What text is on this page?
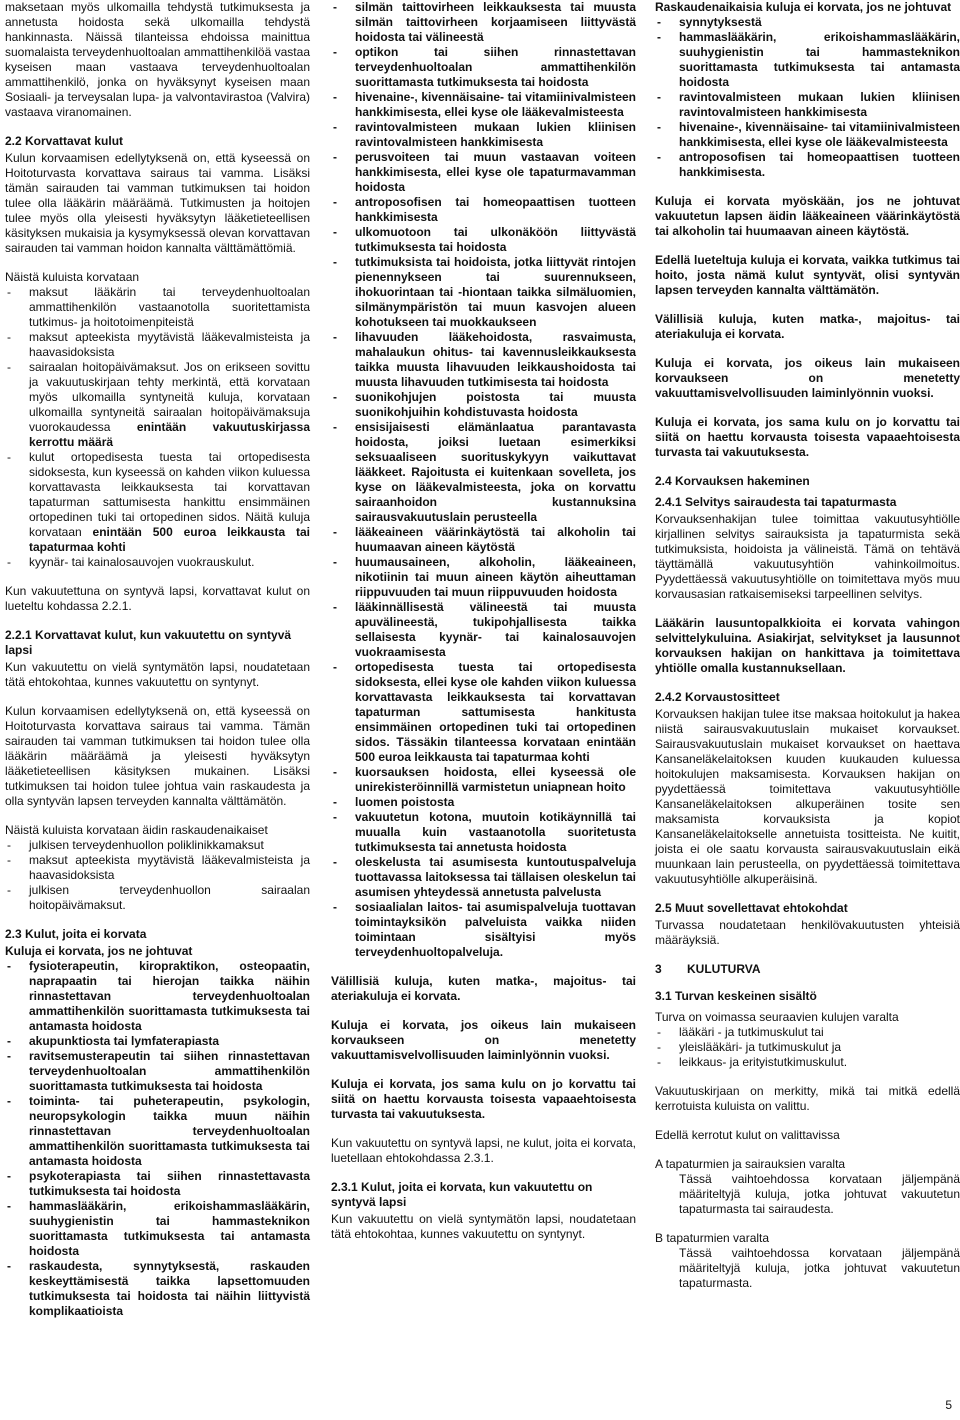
maksetaan myös ulkomailla tehdystä tutkimuksesta ja annetusta hoidosta sekä ulkomailla tehdystä hankinnasta. Näissä tilanteissa ehdoissa mainittua suomalaista terveydenhuoltoalan ammattihenkilöä vastaa kyseisen maan vastaava terveydenhuoltoalan ammattihenkilö, jonka on hyväksynyt kyseisen maan Sosiaali- ja terveysalan lupa- ja valvontavirastoa (Valvira) vastaava viranomainen.

2.2 Korvattavat kulut

Kulun korvaamisen edellytyksenä on, että kyseessä on Hoitoturvasta korvattava sairaus tai vamma. Lisäksi tämän sairauden tai vamman tutkimuksen tai hoidon tulee olla lääkärin määräämä. Tutkimusten ja hoitojen tulee myös olla yleisesti hyväksytyn lääketieteellisen käsityksen mukaisia ja kysymyksessä olevan korvattavan sairauden tai vamman hoidon kannalta välttämättömiä.

Näistä kuluista korvataan

- maksut lääkärin tai terveydenhuoltoalan ammattihenkilön vastaanotolla suoritettamista tutkimus- ja hoitotoimenpiteistä
- maksut apteekista myytävistä lääkevalmisteista ja haavasidoksista
- sairaalan hoitopäivämaksut. Jos on erikseen sovittu ja vakuutuskirjaan tehty merkintä, että korvataan myös ulkomailla syntyneitä kuluja, korvataan ulkomailla syntyneitä sairaalan hoitopäivämaksuja vuorokaudessa enintään vakuutuskirjassa kerrottu määrä
- kulut ortopedisesta tuesta tai ortopedisesta sidoksesta, kun kyseessä on kahden viikon kuluessa korvattavasta leikkauksesta tai korvattavan tapaturman sattumisesta hankittu ensimmäinen ortopedinen tuki tai ortopedinen sidos. Näitä kuluja korvataan enintään 500 euroa leikkausta tai tapaturmaa kohti
- kyynär- tai kainalosauvojen vuokrauskulut.

Kun vakuutettuna on syntyvä lapsi, korvattavat kulut on lueteltu kohdassa 2.2.1.

2.2.1 Korvattavat kulut, kun vakuutettu on syntyvä lapsi

Kun vakuutettu on vielä syntymätön lapsi, noudatetaan tätä ehtokohtaa, kunnes vakuutettu on syntynyt.

Kulun korvaamisen edellytyksenä on, että kyseessä on Hoitoturvasta korvattava sairaus tai vamma. Tämän sairauden tai vamman tutkimuksen tai hoidon tulee olla lääkärin määräämä ja yleisesti hyväksytyn lääketieteellisen käsityksen mukainen. Lisäksi tutkimuksen tai hoidon tulee johtua vain raskaudesta ja olla syntyvän lapsen terveyden kannalta välttämätön.

Näistä kuluista korvataan äidin raskaudenaikaiset

- julkisen terveydenhuollon poliklinikkamaksut
- maksut apteekista myytävistä lääkevalmisteista ja haavasidoksista
- julkisen terveydenhuollon sairaalan hoitopäivämaksut.
2.3 Kulut, joita ei korvata

Kuluja ei korvata, jos ne johtuvat

- fysioterapeutin, kiropraktikon, osteopaatin, naprapaatin tai hierojan taikka näihin rinnastettavan terveydenhuoltoalan ammattihenkilön suorittamasta tutkimuksesta tai antamasta hoidosta
- akupunktiosta tai lymfaterapiasta
- ravitsemusterapeutin tai siihen rinnastettavan terveydenhuoltoalan ammattihenkilön suorittamasta tutkimuksesta tai hoidosta
- toiminta- tai puheterapeutin, psykologin, neuropsykologin taikka muun näihin rinnastettavan terveydenhuoltoalan ammattihenkilön suorittamasta tutkimuksesta tai antamasta hoidosta
- psykoterapiasta tai siihen rinnastettavasta tutkimuksesta tai hoidosta
- hammaslääkärin, erikoishammaslääkärin, suuhygienistin tai hammasteknikon suorittamasta tutkimuksesta tai antamasta hoidosta
- raskaudesta, synnytyksestä, raskauden keskeyttämisestä taikka lapsettomuuden tutkimuksesta tai hoidosta tai näihin liittyvistä komplikaatioista
- silmän taittovirheen leikkauksesta tai muusta silmän taittovirheen korjaamiseen liittyvästä hoidosta tai välineestä
- optikon tai siihen rinnastettavan terveydenhuoltoalan ammattihenkilön suorittamasta tutkimuksesta tai hoidosta
- hivenaine-, kivennäisaine- tai vitamiinivalmisteen hankkimisesta, ellei kyse ole lääkevalmisteesta
- ravintovalmisteen mukaan lukien kliinisen ravintovalmisteen hankkimisesta
- perusvoiteen tai muun vastaavan voiteen hankkimisesta, ellei kyse ole tapaturmavamman hoidosta
- antroposofisen tai homeopaattisen tuotteen hankkimisesta
- ulkomuotoon tai ulkonäköön liittyvästä tutkimuksesta tai hoidosta
- tutkimuksista tai hoidoista, jotka liittyvät rintojen pienennykseen tai suurennukseen, ihokuorintaan tai -hiontaan taikka silmäluomien, silmänympäristön tai muun kasvojen alueen kohotukseen tai muokkaukseen
- lihavuuden lääkehoidosta, rasvaimusta, mahalaukun ohitus- tai kavennusleikkauksesta taikka muusta lihavuuden leikkaushoidosta tai muusta lihavuuden tutkimisesta tai hoidosta
- suonikohjujen poistosta tai muusta suonikohjuihin kohdistuvasta hoidosta
- ensisijaisesti elämänlaatua parantavasta hoidosta, joiksi luetaan esimerkiksi seksuaaliseen suorituskykyyn vaikuttavat lääkkeet. Rajoitusta ei kuitenkaan sovelleta, jos kyse on lääkevalmisteesta, joka on korvattu sairaanhoidon kustannuksina sairausvakuutuslain perusteella
- lääkeaineen väärinkäytöstä tai alkoholin tai huumaavan aineen käytöstä
- huumausaineen, alkoholin, lääkeaineen, nikotiinin tai muun aineen käytön aiheuttaman riippuvuuden tai muun riippuvuuden hoidosta
- lääkinnällisestä välineestä tai muusta apuvälineestä, tukipohjallisesta taikka sellaisesta kyynär- tai kainalosauvojen vuokraamisesta
- ortopedisesta tuesta tai ortopedisesta sidoksesta, ellei kyse ole kahden viikon kuluessa korvattavasta leikkauksesta tai korvattavan tapaturman sattumisesta hankitusta ensimmäinen ortopedinen tuki tai ortopedinen sidos. Tässäkin tilanteessa korvataan enintään 500 euroa leikkausta tai tapaturmaa kohti
- kuorsauksen hoidosta, ellei kyseessä ole unirekisteröinnillä varmistetun uniapnean hoito
- luomen poistosta
- vakuutetun kotona, muutoin kotikäynnillä tai muualla kuin vastaanotolla suoritetusta tutkimuksesta tai annetusta hoidosta
- oleskelusta tai asumisesta kuntoutuspalveluja tuottavassa laitoksessa tai tällaisen oleskelun tai asumisen yhteydessä annetusta palvelusta
- sosiaalialan laitos- tai asumispalveluja tuottavan toimintayksikön palveluista vaikka niiden toimintaan sisältyisi myös terveydenhuoltopalveluja.

Välillisiä kuluja, kuten matka-, majoitus- tai ateriakuluja ei korvata.

Kuluja ei korvata, jos oikeus lain mukaiseen korvaukseen on menetetty vakuuttamisvelvollisuuden laiminlyönnin vuoksi.

Kuluja ei korvata, jos sama kulu on jo korvattu tai siitä on haettu korvausta toisesta vapaaehtoisesta turvasta tai vakuutuksesta.

Kun vakuutettu on syntyvä lapsi, ne kulut, joita ei korvata, luetellaan ehtokohdassa 2.3.1.

2.3.1 Kulut, joita ei korvata, kun vakuutettu on syntyvä lapsi

Kun vakuutettu on vielä syntymätön lapsi, noudatetaan tätä ehtokohtaa, kunnes vakuutettu on syntynyt.

Raskaudenaikaisia kuluja ei korvata, jos ne johtuvat

- synnytyksestä
- hammaslääkärin, erikoishammaslääkärin, suuhygienistin tai hammasteknikon suorittamasta tutkimuksesta tai antamasta hoidosta
- ravintovalmisteen mukaan lukien kliinisen ravintovalmisteen hankkimisesta
- hivenaine-, kivennäisaine- tai vitamiinivalmisteen hankkimisesta, ellei kyse ole lääkevalmisteesta
- antroposofisen tai homeopaattisen tuotteen hankkimisesta.

Kuluja ei korvata myöskään, jos ne johtuvat vakuutetun lapsen äidin lääkeaineen väärinkäytöstä tai alkoholin tai huumaavan aineen käytöstä.

Edellä lueteltuja kuluja ei korvata, vaikka tutkimus tai hoito, josta nämä kulut syntyvät, olisi syntyvän lapsen terveyden kannalta välttämätön.

Välillisiä kuluja, kuten matka-, majoitus- tai ateriakuluja ei korvata.

Kuluja ei korvata, jos oikeus lain mukaiseen korvaukseen on menetetty vakuuttamisvelvollisuuden laiminlyönnin vuoksi.

Kuluja ei korvata, jos sama kulu on jo korvattu tai siitä on haettu korvausta toisesta vapaaehtoisesta turvasta tai vakuutuksesta.

2.4 Korvauksen hakeminen
2.4.1 Selvitys sairaudesta tai tapaturmasta

Korvauksenhakijan tulee toimittaa vakuutusyhtiölle kirjallinen selvitys sairauksista ja tapaturmista sekä tutkimuksista, hoidoista ja välineistä. Tämä on tehtävä täyttämällä vakuutusyhtiön vahinkoilmoitus. Pyydettäessä vakuutusyhtiölle on toimitettava myös muu korvausasian ratkaisemiseksi tarpeellinen selvitys.

Lääkärin lausuntopalkkioita ei korvata vahingon selvittelykuluina. Asiakirjat, selvitykset ja lausunnot korvauksen hakijan on hankittava ja toimitettava yhtiölle omalla kustannuksellaan.

2.4.2 Korvaustositteet

Korvauksen hakijan tulee itse maksaa hoitokulut ja hakea niistä sairausvakuutuslain mukaiset korvaukset. Sairausvakuutuslain mukaiset korvaukset on haettava Kansaneläkelaitoksen kuuden kuukauden kuluessa hoitokulujen maksamisesta. Korvauksen hakijan on pyydettäessä toimitettava vakuutusyhtiölle Kansaneläkelaitoksen alkuperäinen tosite sen maksamista korvauksista ja kopiot Kansaneläkelaitokselle annetuista tositteista. Ne kuitit, joista ei ole saatu korvausta sairausvakuutuslain eikä muunkaan lain perusteella, on pyydettäessä toimitettava vakuutusyhtiölle alkuperäisinä.

2.5 Muut sovellettavat ehtokohdat

Turvassa noudatetaan henkilövakuutusten yhteisiä määräyksiä.

3	KULUTURVA
3.1 Turvan keskeinen sisältö

Turva on voimassa seuraavien kulujen varalta

- lääkäri - ja tutkimuskulut tai
- yleislääkäri- ja tutkimuskulut ja
- leikkaus- ja erityistutkimuskulut.

Vakuutuskirjaan on merkitty, mikä tai mitkä edellä kerrotuista kuluista on valittu.

Edellä kerrotut kulut on valittavissa

A tapaturmien ja sairauksien varalta

Tässä vaihtoehdossa korvataan jäljempänä määriteltyjä kuluja, jotka johtuvat vakuutetun tapaturmasta tai sairaudesta.

B tapaturmien varalta

Tässä vaihtoehdossa korvataan jäljempänä määriteltyjä kuluja, jotka johtuvat vakuutetun tapaturmasta.

5
